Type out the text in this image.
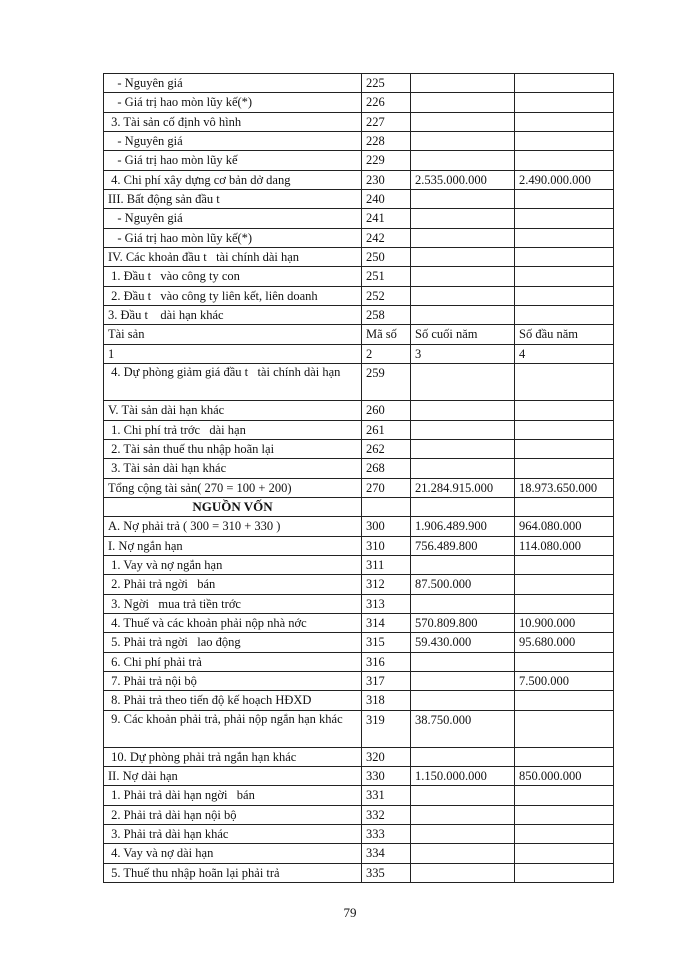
- Nguyên giá	225		
- Giá trị hao mòn lũy kế(*)	226		
3. Tài sản cố định vô hình	227		
- Nguyên giá	228		
- Giá trị hao mòn lũy kế	229		
4. Chi phí xây dựng cơ bản dở dang	230	2.535.000.000	2.490.000.000
III. Bất động sản đầu t	240		
- Nguyên giá	241		
- Giá trị hao mòn lũy kế(*)	242		
IV. Các khoản đầu t   tài chính dài hạn	250		
1. Đầu t   vào công ty con	251		
2. Đầu t   vào công ty liên kết, liên doanh	252		
3. Đầu t    dài hạn khác	258		
Tài sản	Mã số	Số cuối năm	Số đầu năm
1	2	3	4
4. Dự phòng giảm giá đầu t   tài chính dài hạn	259		
V. Tài sản dài hạn khác	260		
1. Chi phí trả trớc   dài hạn	261		
2. Tài sản thuế thu nhập hoãn lại	262		
3. Tài sản dài hạn khác	268		
Tổng cộng tài sản( 270 = 100 + 200)	270	21.284.915.000	18.973.650.000
NGUỒN VỐN			
A. Nợ phải trả ( 300 = 310 + 330 )	300	1.906.489.900	964.080.000
I. Nợ ngắn hạn	310	756.489.800	114.080.000
1. Vay và nợ ngắn hạn	311		
2. Phải trả ngời   bán	312	87.500.000	
3. Ngời   mua trả tiền trớc	313		
4. Thuế và các khoản phải nộp nhà nớc	314	570.809.800	10.900.000
5. Phải trả ngời   lao động	315	59.430.000	95.680.000
6. Chi phí phải trả	316		
7. Phải trả nội bộ	317		7.500.000
8. Phải trả theo tiến độ kế hoạch HĐXD	318		
9. Các khoản phải trả, phải nộp ngắn hạn khác	319	38.750.000	
10. Dự phòng phải trả ngắn hạn khác	320		
II. Nợ dài hạn	330	1.150.000.000	850.000.000
1. Phải trả dài hạn ngời   bán	331		
2. Phải trả dài hạn nội bộ	332		
3. Phải trả dài hạn khác	333		
4. Vay và nợ dài hạn	334		
5. Thuế thu nhập hoãn lại phải trả	335		
79
